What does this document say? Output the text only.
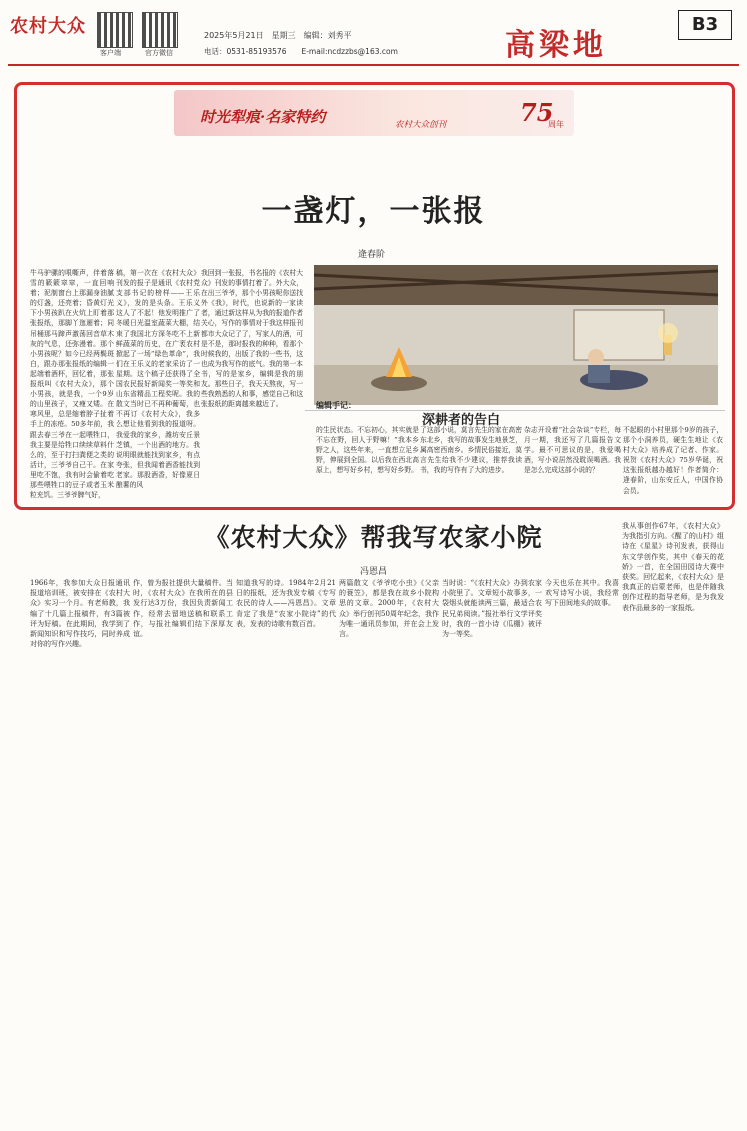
农村大众
客户端	官方微信
2025年5月21日　星期三　编辑：刘秀平
电话：0531-85193576　　E-mail:ncdzzbs@163.com	高梁地
B3
时光犁痕·名家特约	农村大众创刊	75
周年
一盏灯，一张报
逄春阶
牛马驴骡的哏嘶声，伴着落雪的簌簌窣窣，一直回响着；泥制窗台上那漏身油腻的灯盏，还亮着；昏黄灯光下小男孩趴在火炕上盯着那张报纸，那脚丫迤逦着；同吊桶那马蹄声激荡回音草木灰的气息，还弥漫着。那个小男孩呢？如今已经两鬓斑白，跟办那张报纸的编辑一起端着酒杯，回忆着，那张报纸叫《农村大众》，那个小男孩，就是我，一个9岁的山里孩子，又瘦又矮。在寒风里，总是缩着脖子扯着手上的冻疮。50多年前，我跟去春三爷在一起喂牲口，我主要是给牲口续续草料什么的，至于打扫粪便之类的活计，三爷爷自己干。在家里吃不饱，我有时会偷着吃那些喂牲口的豆子或者玉米粒充饥。三爷爷脾气好，
稿，第一次在《农村大众》刊发的报子是通讯《农村党支部书记的榜样——王乐义》，发的是头条。王乐义这人了不起！他发明推广了冬暖日光温室蔬菜大棚，结束了我国北方深冬吃不上新鲜蔬菜的历史，在广袤农村掀起了一场“绿色革命”，我们在王乐义的老家采访了一星期。这个稿子还获得了全国农民报好新闻奖一等奖和山东省精品工程奖呢。我的散文当时已不再种葡萄，也不再订《农村大众》，我多么想让他看到我的报道呀。我爱我的家乡，潍坊安丘景芝镇，一个出酒的地方。我说明眼就能找到家乡，有点夸张，但我闻着酒香能找到老家。那股酒香，好像夏日酿薯的风
我回到一张报，书名报的《农村大众》刊发的事情打着了。外大众，在出三爷爷，那个小男孩呢你送找外《我》，时代，也说新的一家读者，通过新这样从为我的报道作者关心，写作的事情对于我这样报刊都市大众记了了，写家人的酒，可是不是，那时报我的种种，看那个时候我的，出版了我的一些书，这也成为我写作的底气。我的第一本书，写的是家乡，编辑是我的朋友。那些日子，我天天熬夜，写一些我熟悉的人和事，感觉自己和这张报纸的距离越来越近了。	编辑手记：
深耕者的告白
的生民状态。不忘初心，其实就是不忘在野，回人于野嘛！”我本乡野之人，这些年来，一直想立足乡野，伸展到全国。以后我在西北高原上，想写好乡村，想写好乡野。
了这部小说，莫言先生的家在高密东北乡，我写的故事发生地景芝，属高密西南乡。乡情民俗接近，莫言先生给我不少建议，推荐我读书，我的写作有了大的进步。
杂志开设着“社会杂谈”专栏，每月一期，我还写了几篇报告文学。最不可思议的是，我爱喝酒，写小说居然没耽误喝酒。我是怎么完成这部小说的？
不起眼的小村里那个9岁的孩子，那个小洞养员，硬生生地让《农村大众》培养成了记者、作家。祝贺《农村大众》75岁华诞，祝这张报纸越办越好！作者简介：逄春阶，山东安丘人，中国作协会员。
《农村大众》帮我写农家小院
冯恩昌
1966年，我参加大众日报通讯报道培训班，被安排在《农村大众》实习一个月。有老师教，我编了十几篇上报稿件，有3篇被评为好稿。在此期间，我学到了新闻知识和写作技巧，同时养成对你的写作兴趣。
作，曾为报社提供大量稿件。当时，《农村大众》在我所在的县发行达3万份，我因负责新闻工作，经常去留地送稿和联系工作，与报社编辑们结下深厚友谊。
知道我写的诗。1984年2月21日的报纸，还为我发专稿《专写农民的诗人——冯恩昌》。文章肯定了我是“农家小院诗”的代表，发表的诗歌有数百首。
两篇散文《爷爷吃小虫》《父亲的蓑笠》，都是我在故乡小院构思的文章。2000年，《农村大众》举行创刊50周年纪念，我作为唯一通讯员参加，并在会上发言。
当时说：“《农村大众》办到农家小院里了。文章短小故事多，一袋烟头就能读两三篇，最适合农民兄弟阅读。”报社举行文学评奖时，我的一首小诗《瓜棚》被评为一等奖。
今天也乐在其中。我喜欢写诗写小说，我经常写下田间地头的故事。
我从事创作67年，《农村大众》为我指引方向。《醒了的山村》组诗在《星星》诗刊发表，获得山东文学创作奖，其中《春天的花娇》一首，在全国田园诗大赛中获奖。回忆起来，《农村大众》是我真正的启蒙老师，也是伴随我创作过程的指导老师，是为我发表作品最多的一家报纸。
